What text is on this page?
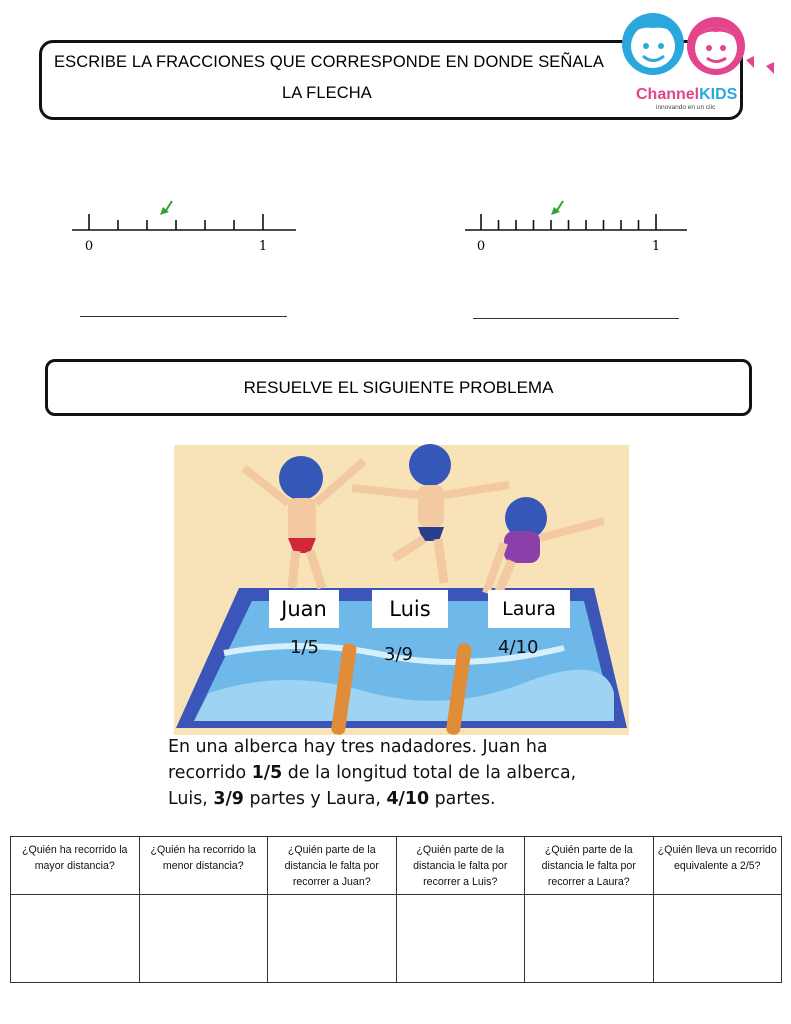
ESCRIBE LA FRACCIONES QUE CORRESPONDE EN DONDE SEÑALA
LA FLECHA	ChannelKIDS
innovando en un clic
0	1	0	1
RESUELVE EL SIGUIENTE PROBLEMA
Juan	Luis	Laura
1/5	3/9	4/10
En una alberca hay tres nadadores. Juan ha
recorrido 1/5 de la longitud total de la alberca,
Luis, 3/9 partes y Laura, 4/10 partes.
¿Quién ha recorrido la mayor distancia?	¿Quién ha recorrido la menor distancia?	¿Quién parte de la distancia le falta por recorrer a Juan?	¿Quién parte de la distancia le falta por recorrer a Luis?	¿Quién parte de la distancia le falta por recorrer a Laura?	¿Quién lleva un recorrido equivalente a 2/5?
